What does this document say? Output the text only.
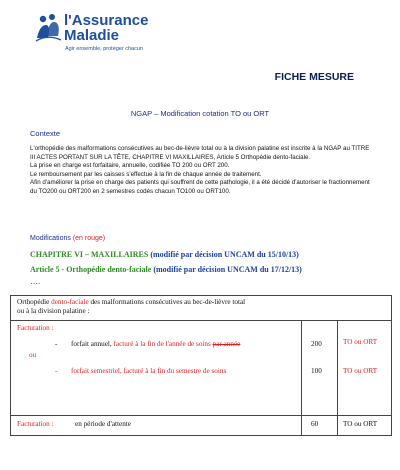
l'Assurance
Maladie
Agir ensemble, protéger chacun
FICHE MESURE
NGAP – Modification cotation TO ou ORT
Contexte

L'orthopédie des malformations consécutives au bec-de-lièvre total ou à la division palatine est inscrite à la NGAP au TITRE III ACTES PORTANT SUR LA TÊTE, CHAPITRE VI MAXILLAIRES, Article 5 Orthopédie dento-faciale.

La prise en charge est forfaitaire, annuelle, codifiée TO 200 ou ORT 200.

Le remboursement par les caisses s'effectue à la fin de chaque année de traitement.

Afin d'améliorer la prise en charge des patients qui souffrent de cette pathologie, il a été décidé d'autoriser le fractionnement du TO200 ou ORT200 en 2 semestres codés chacun TO100 ou ORT100.

Modifications (en rouge)
CHAPITRE VI – MAXILLAIRES (modifié par décision UNCAM du 15/10/13)
Article 5 - Orthopédie dento-faciale (modifié par décision UNCAM du 17/12/13)
….
Orthopédie dento-faciale des malformations consécutives au bec-de-lièvre total
ou à la division palatine :
Facturation :
- forfait annuel, facturé à la fin de l'année de soins par année	200	TO ou ORT
ou
- forfait semestriel, facturé à la fin du semestre de soins	100	TO ou ORT
Facturation :	en période d'attente	60	TO ou ORT
